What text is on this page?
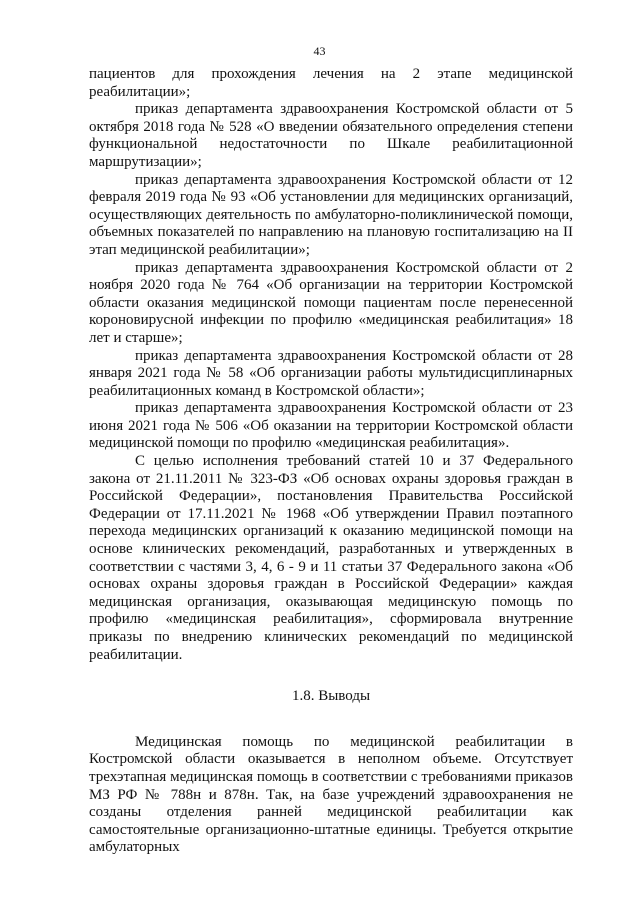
43

пациентов для прохождения лечения на 2 этапе медицинской реабилитации»;

приказ департамента здравоохранения Костромской области от 5 октября 2018 года № 528 «О введении обязательного определения степени функциональной недостаточности по Шкале реабилитационной маршрутизации»;

приказ департамента здравоохранения Костромской области от 12 февраля 2019 года № 93 «Об установлении для медицинских организаций, осуществляющих деятельность по амбулаторно-поликлинической помощи, объемных показателей по направлению на плановую госпитализацию на II этап медицинской реабилитации»;

приказ департамента здравоохранения Костромской области от 2 ноября 2020 года № 764 «Об организации на территории Костромской области оказания медицинской помощи пациентам после перенесенной короновирусной инфекции по профилю «медицинская реабилитация» 18 лет и старше»;

приказ департамента здравоохранения Костромской области от 28 января 2021 года № 58 «Об организации работы мультидисциплинарных реабилитационных команд в Костромской области»;

приказ департамента здравоохранения Костромской области от 23 июня 2021 года № 506 «Об оказании на территории Костромской области медицинской помощи по профилю «медицинская реабилитация».

С целью исполнения требований статей 10 и 37 Федерального закона от 21.11.2011 № 323-ФЗ «Об основах охраны здоровья граждан в Российской Федерации», постановления Правительства Российской Федерации от 17.11.2021 № 1968 «Об утверждении Правил поэтапного перехода медицинских организаций к оказанию медицинской помощи на основе клинических рекомендаций, разработанных и утвержденных в соответствии с частями 3, 4, 6 - 9 и 11 статьи 37 Федерального закона «Об основах охраны здоровья граждан в Российской Федерации» каждая медицинская организация, оказывающая медицинскую помощь по профилю «медицинская реабилитация», сформировала внутренние приказы по внедрению клинических рекомендаций по медицинской реабилитации.

1.8. Выводы

Медицинская помощь по медицинской реабилитации в Костромской области оказывается в неполном объеме. Отсутствует трехэтапная медицинская помощь в соответствии с требованиями приказов МЗ РФ № 788н и 878н. Так, на базе учреждений здравоохранения не созданы отделения ранней медицинской реабилитации как самостоятельные организационно-штатные единицы. Требуется открытие амбулаторных
